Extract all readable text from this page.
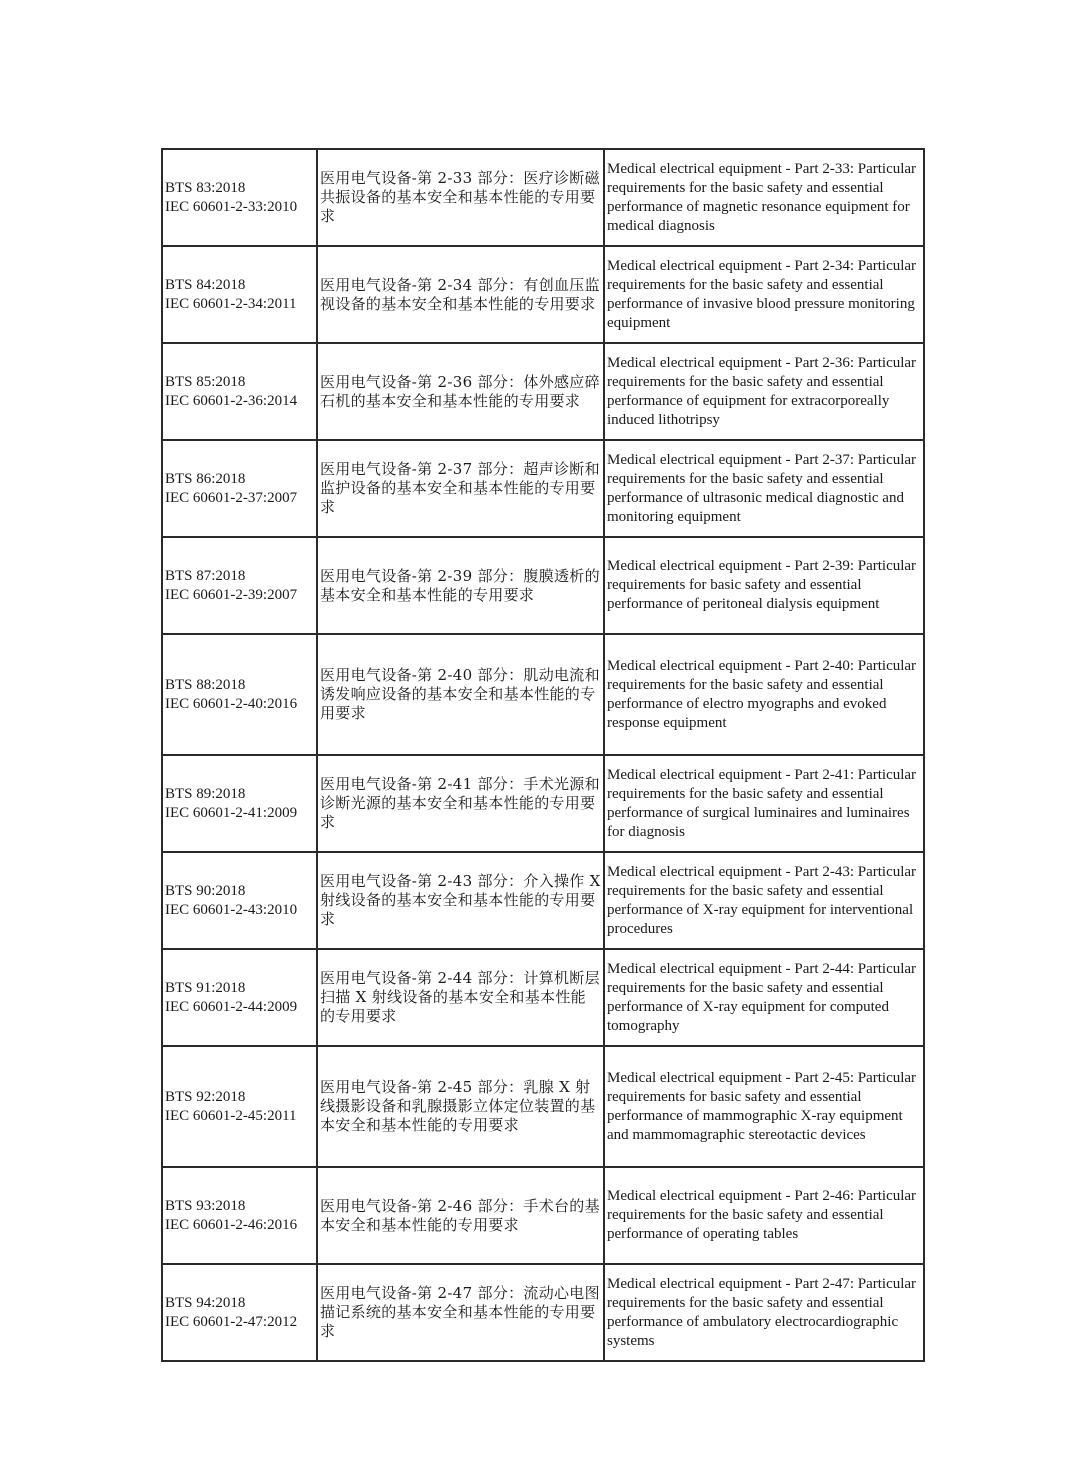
BTS 83:2018
IEC 60601-2-33:2010	医用电气设备-第 2-33 部分：医疗诊断磁共振设备的基本安全和基本性能的专用要求	Medical electrical equipment - Part 2-33: Particular requirements for the basic safety and essential performance of magnetic resonance equipment for medical diagnosis

BTS 84:2018
IEC 60601-2-34:2011	医用电气设备-第 2-34 部分：有创血压监视设备的基本安全和基本性能的专用要求	Medical electrical equipment - Part 2-34: Particular requirements for the basic safety and essential performance of invasive blood pressure monitoring equipment

BTS 85:2018
IEC 60601-2-36:2014	医用电气设备-第 2-36 部分：体外感应碎石机的基本安全和基本性能的专用要求	Medical electrical equipment - Part 2-36: Particular requirements for the basic safety and essential performance of equipment for extracorporeally induced lithotripsy

BTS 86:2018
IEC 60601-2-37:2007	医用电气设备-第 2-37 部分：超声诊断和监护设备的基本安全和基本性能的专用要求	Medical electrical equipment - Part 2-37: Particular requirements for the basic safety and essential performance of ultrasonic medical diagnostic and monitoring equipment

BTS 87:2018
IEC 60601-2-39:2007	医用电气设备-第 2-39 部分：腹膜透析的基本安全和基本性能的专用要求	Medical electrical equipment - Part 2-39: Particular requirements for basic safety and essential performance of peritoneal dialysis equipment

BTS 88:2018
IEC 60601-2-40:2016	医用电气设备-第 2-40 部分：肌动电流和诱发响应设备的基本安全和基本性能的专用要求	Medical electrical equipment - Part 2-40: Particular requirements for the basic safety and essential performance of electro myographs and evoked response equipment

BTS 89:2018
IEC 60601-2-41:2009	医用电气设备-第 2-41 部分：手术光源和诊断光源的基本安全和基本性能的专用要求	Medical electrical equipment - Part 2-41: Particular requirements for the basic safety and essential performance of surgical luminaires and luminaires for diagnosis

BTS 90:2018
IEC 60601-2-43:2010	医用电气设备-第 2-43 部分：介入操作 X 射线设备的基本安全和基本性能的专用要求	Medical electrical equipment - Part 2-43: Particular requirements for the basic safety and essential performance of X-ray equipment for interventional procedures

BTS 91:2018
IEC 60601-2-44:2009	医用电气设备-第 2-44 部分：计算机断层扫描 X 射线设备的基本安全和基本性能的专用要求	Medical electrical equipment - Part 2-44: Particular requirements for the basic safety and essential performance of X-ray equipment for computed tomography

BTS 92:2018
IEC 60601-2-45:2011	医用电气设备-第 2-45 部分：乳腺 X 射线摄影设备和乳腺摄影立体定位装置的基本安全和基本性能的专用要求	Medical electrical equipment - Part 2-45: Particular requirements for basic safety and essential performance of mammographic X-ray equipment and mammomagraphic stereotactic devices

BTS 93:2018
IEC 60601-2-46:2016	医用电气设备-第 2-46 部分：手术台的基本安全和基本性能的专用要求	Medical electrical equipment - Part 2-46: Particular requirements for the basic safety and essential performance of operating tables

BTS 94:2018
IEC 60601-2-47:2012	医用电气设备-第 2-47 部分：流动心电图描记系统的基本安全和基本性能的专用要求	Medical electrical equipment - Part 2-47: Particular requirements for the basic safety and essential performance of ambulatory electrocardiographic systems
